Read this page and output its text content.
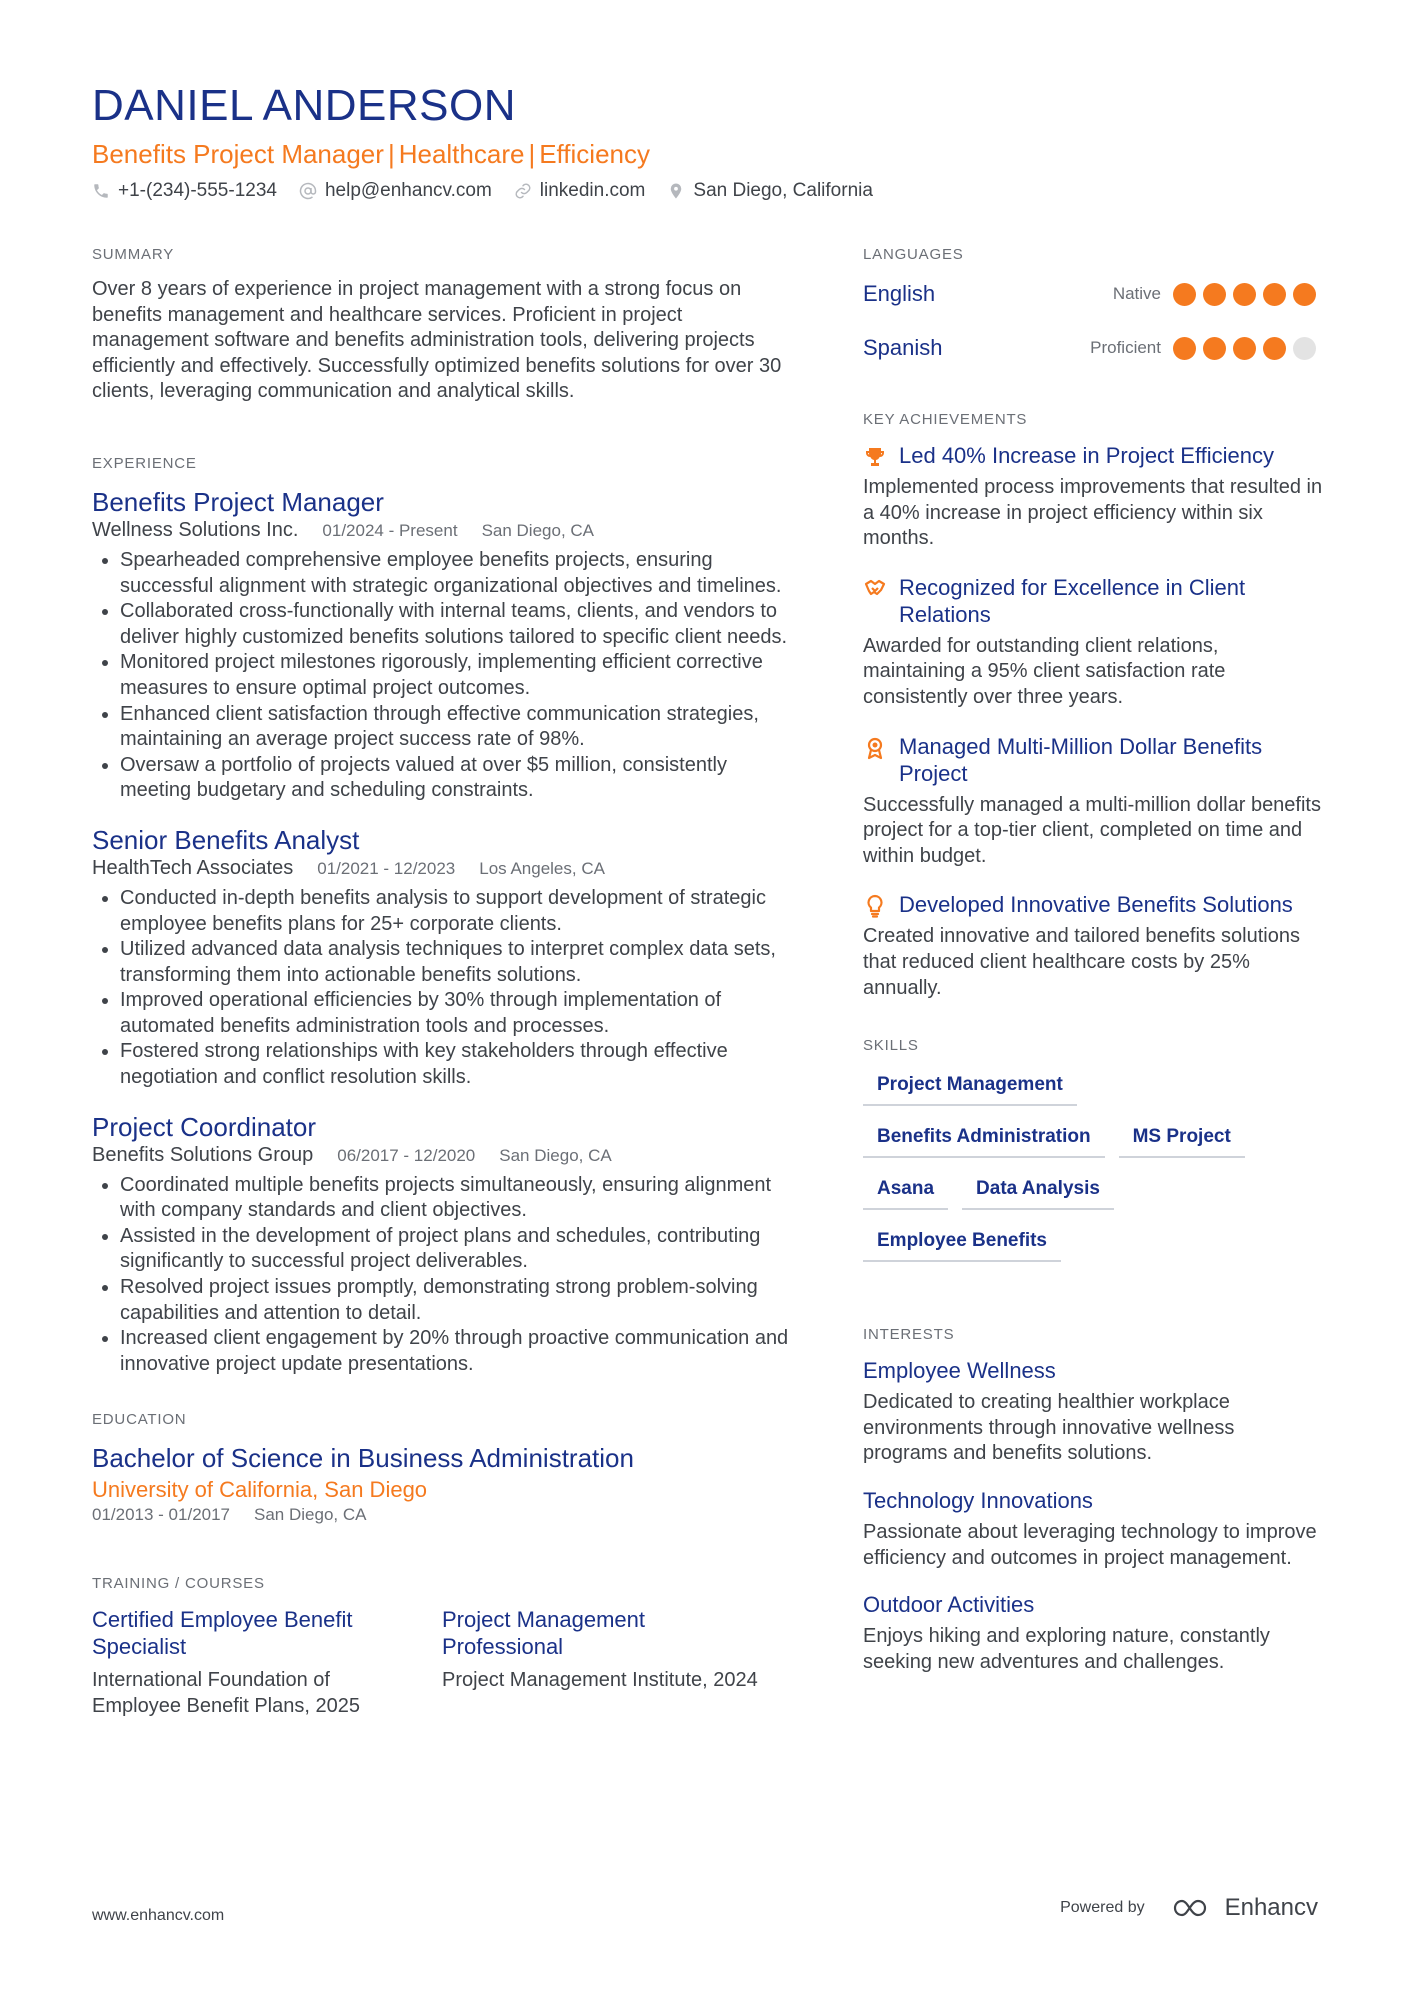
DANIEL ANDERSON
Benefits Project Manager | Healthcare | Efficiency
+1-(234)-555-1234	help@enhancv.com	linkedin.com	San Diego, California
SUMMARY

Over 8 years of experience in project management with a strong focus on benefits management and healthcare services. Proficient in project management software and benefits administration tools, delivering projects efficiently and effectively. Successfully optimized benefits solutions for over 30 clients, leveraging communication and analytical skills.

EXPERIENCE
Benefits Project Manager
Wellness Solutions Inc. 01/2024 - Present San Diego, CA
• Spearheaded comprehensive employee benefits projects, ensuring successful alignment with strategic organizational objectives and timelines.
• Collaborated cross-functionally with internal teams, clients, and vendors to deliver highly customized benefits solutions tailored to specific client needs.
• Monitored project milestones rigorously, implementing efficient corrective measures to ensure optimal project outcomes.
• Enhanced client satisfaction through effective communication strategies, maintaining an average project success rate of 98%.
• Oversaw a portfolio of projects valued at over $5 million, consistently meeting budgetary and scheduling constraints.
Senior Benefits Analyst
HealthTech Associates 01/2021 - 12/2023 Los Angeles, CA
• Conducted in-depth benefits analysis to support development of strategic employee benefits plans for 25+ corporate clients.
• Utilized advanced data analysis techniques to interpret complex data sets, transforming them into actionable benefits solutions.
• Improved operational efficiencies by 30% through implementation of automated benefits administration tools and processes.
• Fostered strong relationships with key stakeholders through effective negotiation and conflict resolution skills.
Project Coordinator
Benefits Solutions Group 06/2017 - 12/2020 San Diego, CA
• Coordinated multiple benefits projects simultaneously, ensuring alignment with company standards and client objectives.
• Assisted in the development of project plans and schedules, contributing significantly to successful project deliverables.
• Resolved project issues promptly, demonstrating strong problem-solving capabilities and attention to detail.
• Increased client engagement by 20% through proactive communication and innovative project update presentations.
EDUCATION
Bachelor of Science in Business Administration
University of California, San Diego
01/2013 - 01/2017 San Diego, CA
TRAINING / COURSES
Certified Employee Benefit Specialist
International Foundation of Employee Benefit Plans, 2025
Project Management Professional
Project Management Institute, 2024
LANGUAGES
English	Native
Spanish	Proficient
KEY ACHIEVEMENTS
Led 40% Increase in Project Efficiency
Implemented process improvements that resulted in a 40% increase in project efficiency within six months.
Recognized for Excellence in Client Relations
Awarded for outstanding client relations, maintaining a 95% client satisfaction rate consistently over three years.
Managed Multi-Million Dollar Benefits Project
Successfully managed a multi-million dollar benefits project for a top-tier client, completed on time and within budget.
Developed Innovative Benefits Solutions
Created innovative and tailored benefits solutions that reduced client healthcare costs by 25% annually.
SKILLS
Project Management
Benefits Administration	MS Project
Asana	Data Analysis
Employee Benefits
INTERESTS
Employee Wellness
Dedicated to creating healthier workplace environments through innovative wellness programs and benefits solutions.
Technology Innovations
Passionate about leveraging technology to improve efficiency and outcomes in project management.
Outdoor Activities
Enjoys hiking and exploring nature, constantly seeking new adventures and challenges.
www.enhancv.com	Powered by	Enhancv
